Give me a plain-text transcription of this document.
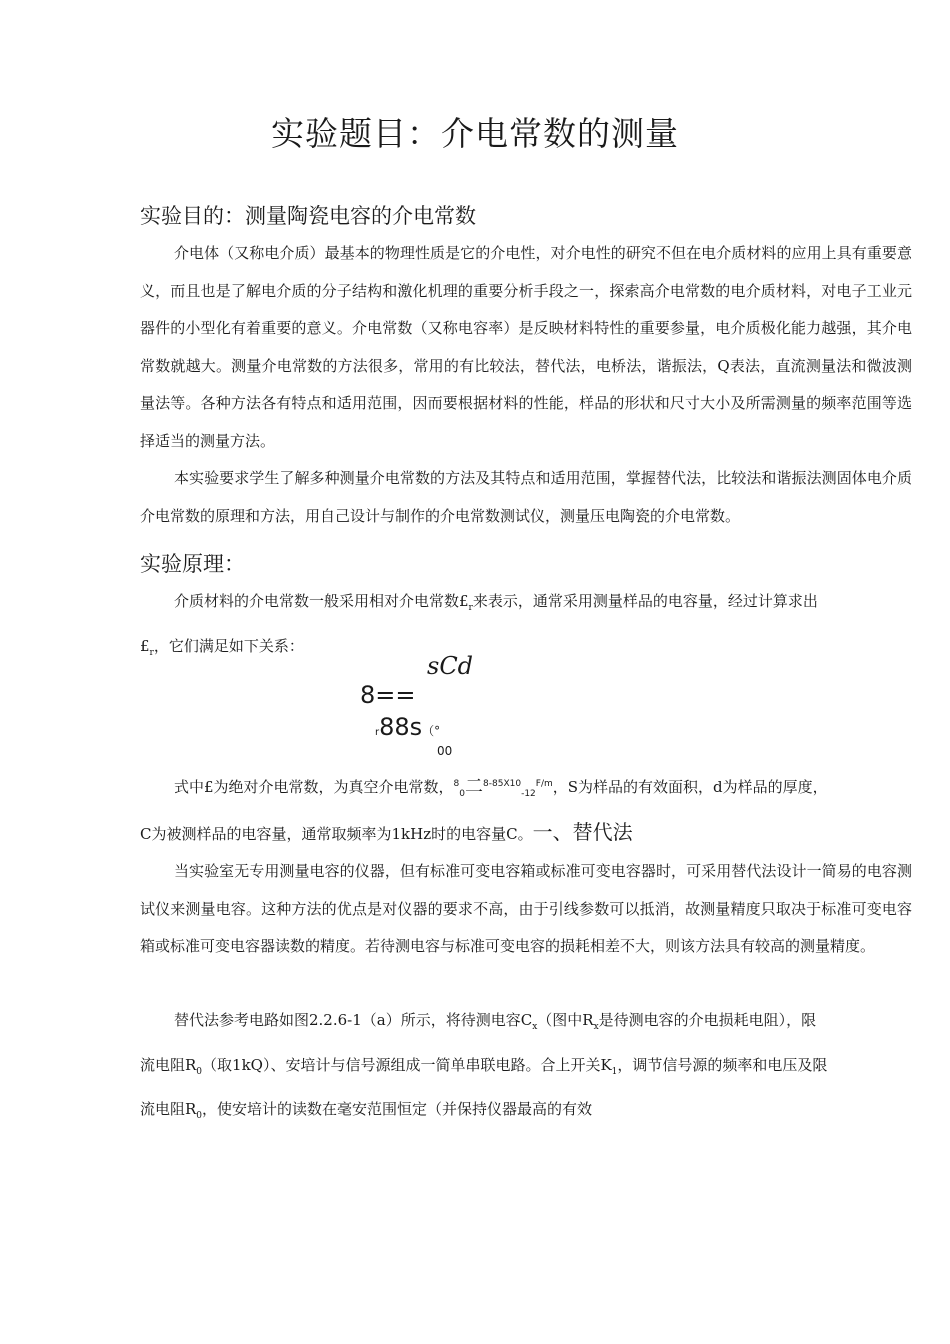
实验题目：介电常数的测量
实验目的：测量陶瓷电容的介电常数
介电体（又称电介质）最基本的物理性质是它的介电性，对介电性的研究不但在电介质材料的应用上具有重要意义，而且也是了解电介质的分子结构和激化机理的重要分析手段之一，探索高介电常数的电介质材料，对电子工业元器件的小型化有着重要的意义。介电常数（又称电容率）是反映材料特性的重要参量，电介质极化能力越强，其介电常数就越大。测量介电常数的方法很多，常用的有比较法，替代法，电桥法，谐振法，Q表法，直流测量法和微波测量法等。各种方法各有特点和适用范围，因而要根据材料的性能，样品的形状和尺寸大小及所需测量的频率范围等选择适当的测量方法。
本实验要求学生了解多种测量介电常数的方法及其特点和适用范围，掌握替代法，比较法和谐振法测固体电介质介电常数的原理和方法，用自己设计与制作的介电常数测试仪，测量压电陶瓷的介电常数。
实验原理：
介质材料的介电常数一般采用相对介电常数$£_r$来表示，通常采用测量样品的电容量，经过计算求出
$£_r$，它们满足如下关系：
sCd
8==
r88s（°
00
式中£为绝对介电常数，为真空介电常数，$^8_0$二$^{8-85X10}_{-12}^{F/m}$，S为样品的有效面积，d为样品的厚度，
C为被测样品的电容量，通常取频率为1kHz时的电容量C。一、替代法
当实验室无专用测量电容的仪器，但有标准可变电容箱或标准可变电容器时，可采用替代法设计一简易的电容测试仪来测量电容。这种方法的优点是对仪器的要求不高，由于引线参数可以抵消，故测量精度只取决于标准可变电容箱或标准可变电容器读数的精度。若待测电容与标准可变电容的损耗相差不大，则该方法具有较高的测量精度。
替代法参考电路如图2.2.6-1（a）所示，将待测电容$C_x$（图中$R_x$是待测电容的介电损耗电阻），限
流电阻$R_0$（取1kQ）、安培计与信号源组成一简单串联电路。合上开关$K_1$，调节信号源的频率和电压及限
流电阻$R_0$，使安培计的读数在毫安范围恒定（并保持仪器最高的有效
